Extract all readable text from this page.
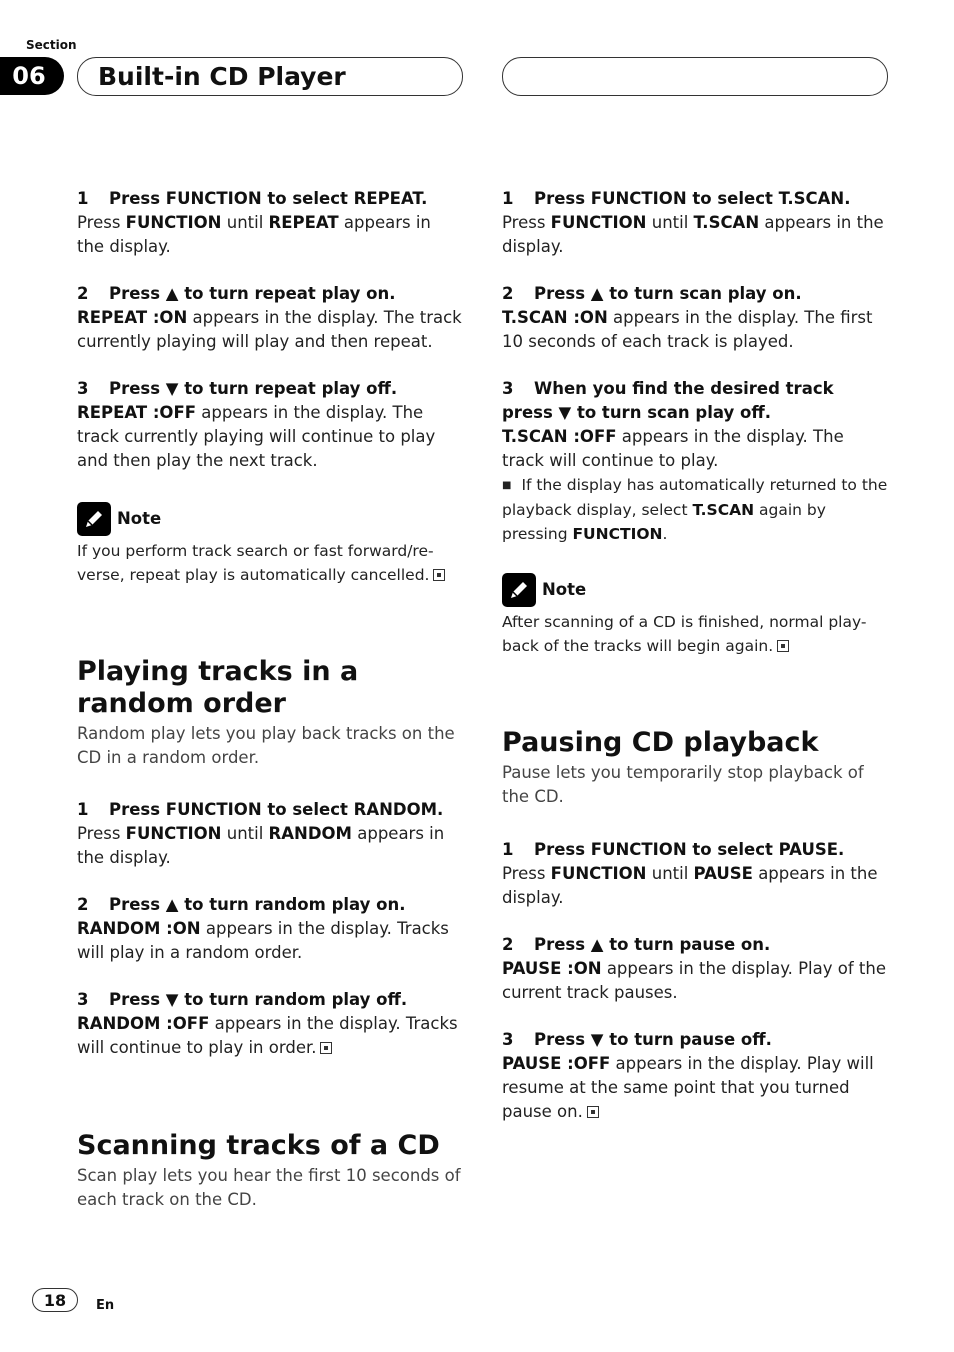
Section
06	Built-in CD Player

1 Press FUNCTION to select REPEAT.

Press FUNCTION until REPEAT appears in the display.

2 Press ▲ to turn repeat play on.

REPEAT :ON appears in the display. The track currently playing will play and then repeat.

3 Press ▼ to turn repeat play off.

REPEAT :OFF appears in the display. The track currently playing will continue to play and then play the next track.

Note

If you perform track search or fast forward/re-verse, repeat play is automatically cancelled.

Playing tracks in a random order

Random play lets you play back tracks on the CD in a random order.

1 Press FUNCTION to select RANDOM.

Press FUNCTION until RANDOM appears in the display.

2 Press ▲ to turn random play on.

RANDOM :ON appears in the display. Tracks will play in a random order.

3 Press ▼ to turn random play off.

RANDOM :OFF appears in the display. Tracks will continue to play in order.

Scanning tracks of a CD

Scan play lets you hear the first 10 seconds of each track on the CD.

1 Press FUNCTION to select T.SCAN.

Press FUNCTION until T.SCAN appears in the display.

2 Press ▲ to turn scan play on.

T.SCAN :ON appears in the display. The first 10 seconds of each track is played.

3 When you find the desired track press ▼ to turn scan play off.

T.SCAN :OFF appears in the display. The track will continue to play.

■ If the display has automatically returned to the playback display, select T.SCAN again by pressing FUNCTION.

Note

After scanning of a CD is finished, normal play-back of the tracks will begin again.

Pausing CD playback

Pause lets you temporarily stop playback of the CD.

1 Press FUNCTION to select PAUSE.

Press FUNCTION until PAUSE appears in the display.

2 Press ▲ to turn pause on.

PAUSE :ON appears in the display. Play of the current track pauses.

3 Press ▼ to turn pause off.

PAUSE :OFF appears in the display. Play will resume at the same point that you turned pause on.

18	En
